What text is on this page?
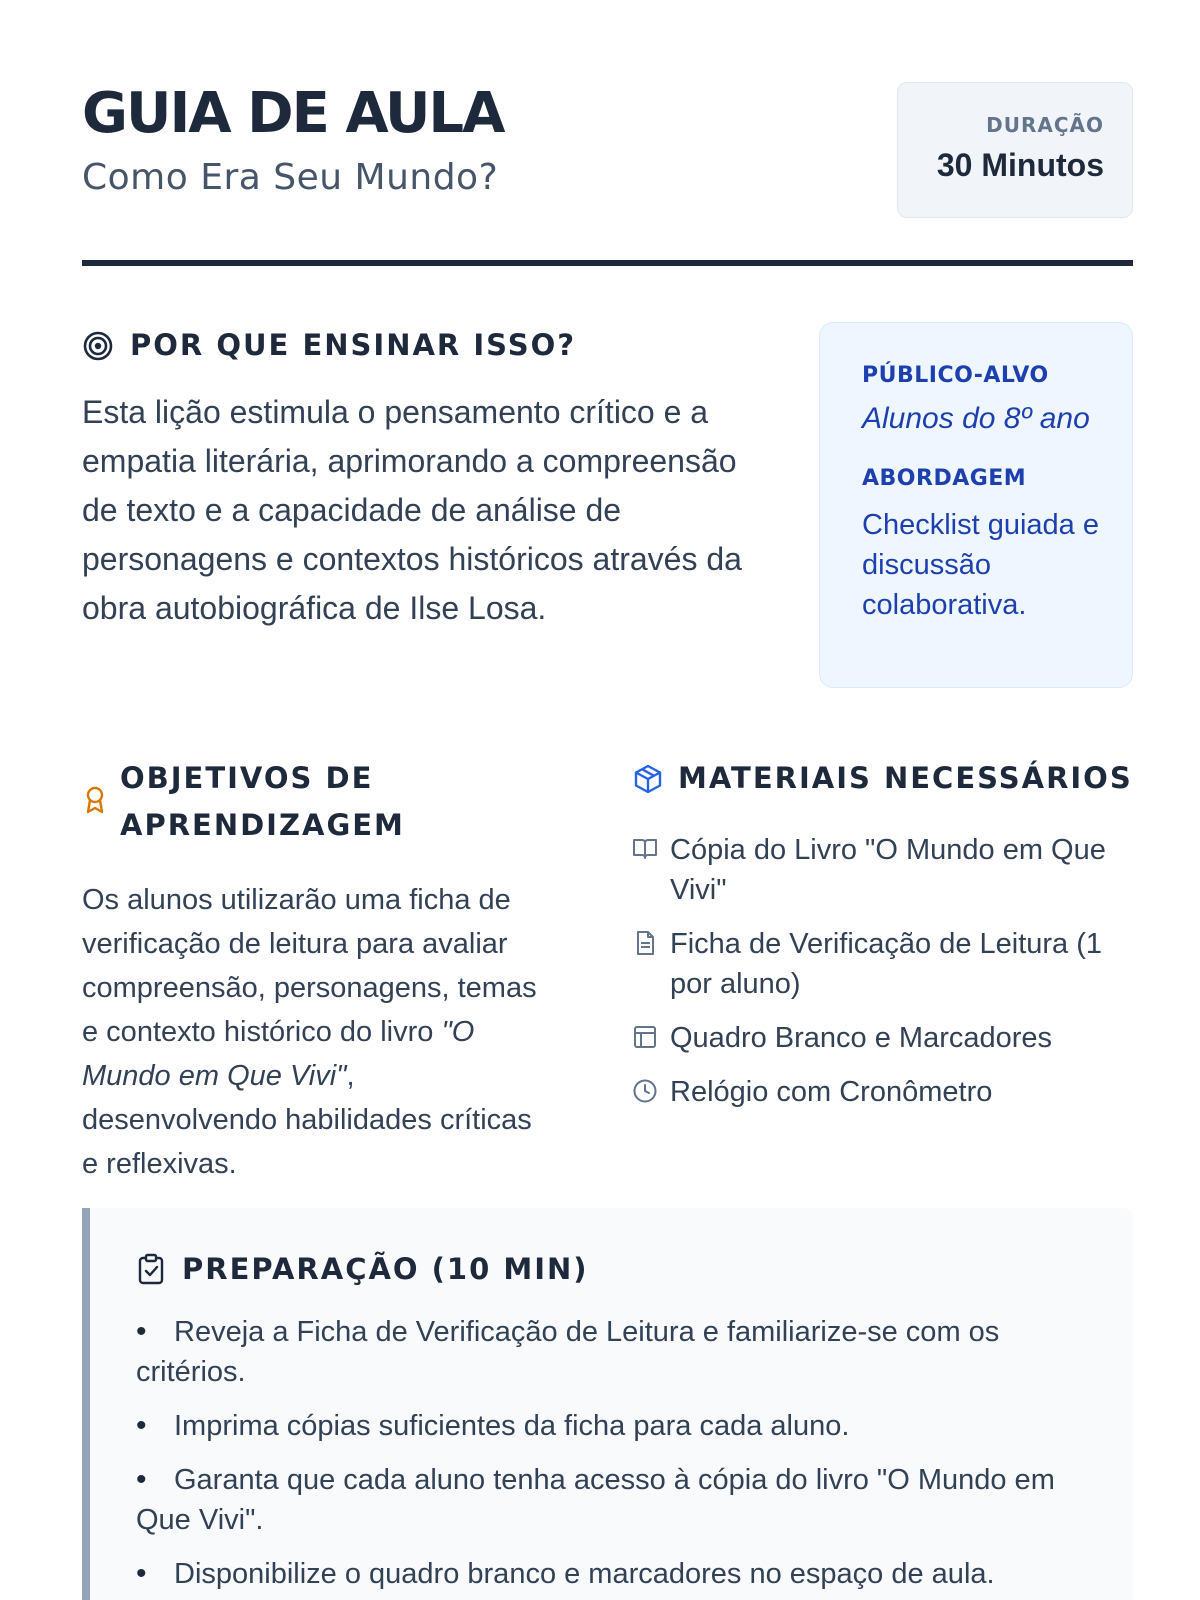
GUIA DE AULA
Como Era Seu Mundo?
DURAÇÃO
30 Minutos
POR QUE ENSINAR ISSO?

Esta lição estimula o pensamento crítico e a empatia literária, aprimorando a compreensão de texto e a capacidade de análise de personagens e contextos históricos através da obra autobiográfica de Ilse Losa.

PÚBLICO-ALVO
Alunos do 8º ano
ABORDAGEM
Checklist guiada e discussão colaborativa.
OBJETIVOS DE APRENDIZAGEM

Os alunos utilizarão uma ficha de verificação de leitura para avaliar compreensão, personagens, temas e contexto histórico do livro "O Mundo em Que Vivi", desenvolvendo habilidades críticas e reflexivas.

MATERIAIS NECESSÁRIOS
Cópia do Livro "O Mundo em Que Vivi"
Ficha de Verificação de Leitura (1 por aluno)
Quadro Branco e Marcadores
Relógio com Cronômetro
PREPARAÇÃO (10 MIN)
• Reveja a Ficha de Verificação de Leitura e familiarize-se com os critérios.
• Imprima cópias suficientes da ficha para cada aluno.
• Garanta que cada aluno tenha acesso à cópia do livro "O Mundo em Que Vivi".
• Disponibilize o quadro branco e marcadores no espaço de aula.
